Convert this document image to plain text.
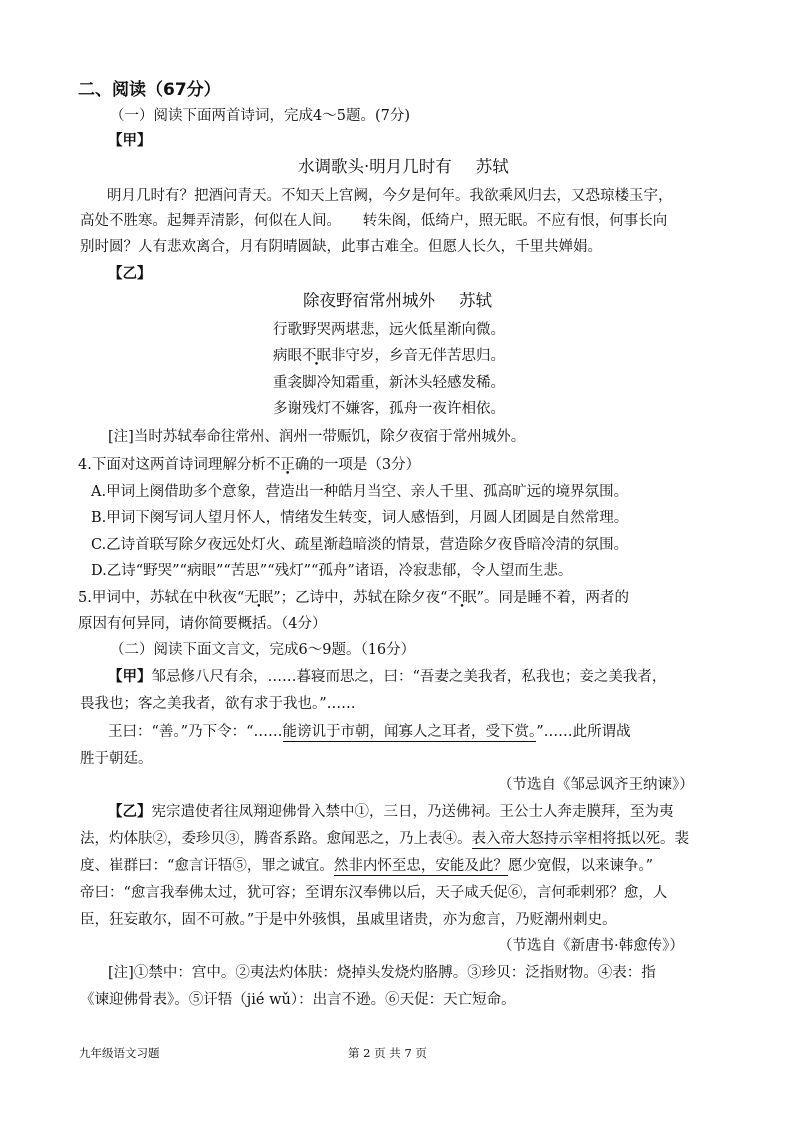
二、阅读（67分）
（一）阅读下面两首诗词，完成4～5题。(7分)
【甲】
水调歌头·明月几时有 苏轼
明月几时有？把酒问青天。不知天上宫阙，今夕是何年。我欲乘风归去，又恐琼楼玉宇，
高处不胜寒。起舞弄清影，何似在人间。　　转朱阁，低绮户，照无眠。不应有恨，何事长向
别时圆？人有悲欢离合，月有阴晴圆缺，此事古难全。但愿人长久，千里共婵娟。
【乙】
除夜野宿常州城外 苏轼
行歌野哭两堪悲，远火低星渐向微。
病眼不眠非守岁，乡音无伴苦思归。
重衾脚冷知霜重，新沐头轻感发稀。
多谢残灯不嫌客，孤舟一夜许相依。
[注]当时苏轼奉命往常州、润州一带赈饥，除夕夜宿于常州城外。
4.下面对这两首诗词理解分析不正确的一项是（3分）
A.甲词上阕借助多个意象，营造出一种皓月当空、亲人千里、孤高旷远的境界氛围。
B.甲词下阕写词人望月怀人，情绪发生转变，词人感悟到，月圆人团圆是自然常理。
C.乙诗首联写除夕夜远处灯火、疏星渐趋暗淡的情景，营造除夕夜昏暗冷清的氛围。
D.乙诗“野哭”“病眼”“苦思”“残灯”“孤舟”诸语，冷寂悲郁，令人望而生悲。
5.甲词中，苏轼在中秋夜“无眠”；乙诗中，苏轼在除夕夜“不眠”。同是睡不着，两者的
原因有何异同，请你简要概括。（4分）
（二）阅读下面文言文，完成6～9题。（16分）
【甲】邹忌修八尺有余，……暮寝而思之，曰：“吾妻之美我者，私我也；妾之美我者，
畏我也；客之美我者，欲有求于我也。”……
王曰：“善。”乃下令：“……能谤讥于市朝，闻寡人之耳者，受下赏。”……此所谓战
胜于朝廷。
（节选自《邹忌讽齐王纳谏》）
【乙】宪宗遣使者往凤翔迎佛骨入禁中①，三日，乃送佛祠。王公士人奔走膜拜，至为夷
法，灼体肤②，委珍贝③，腾沓系路。愈闻恶之，乃上表④。表入帝大怒持示宰相将抵以死。裴
度、崔群曰：“愈言讦牾⑤，罪之诚宜。然非内怀至忠，安能及此？愿少宽假，以来谏争。”
帝曰：“愈言我奉佛太过，犹可容；至谓东汉奉佛以后，天子咸夭促⑥，言何乖剌邪？愈，人
臣，狂妄敢尔，固不可赦。”于是中外骇惧，虽戚里诸贵，亦为愈言，乃贬潮州刺史。
（节选自《新唐书·韩愈传》）
[注]①禁中：宫中。②夷法灼体肤：烧掉头发烧灼胳膊。③珍贝：泛指财物。④表：指
《谏迎佛骨表》。⑤讦牾（jié wǔ）：出言不逊。⑥天促：天亡短命。
九年级语文习题	第 2 页 共 7 页
